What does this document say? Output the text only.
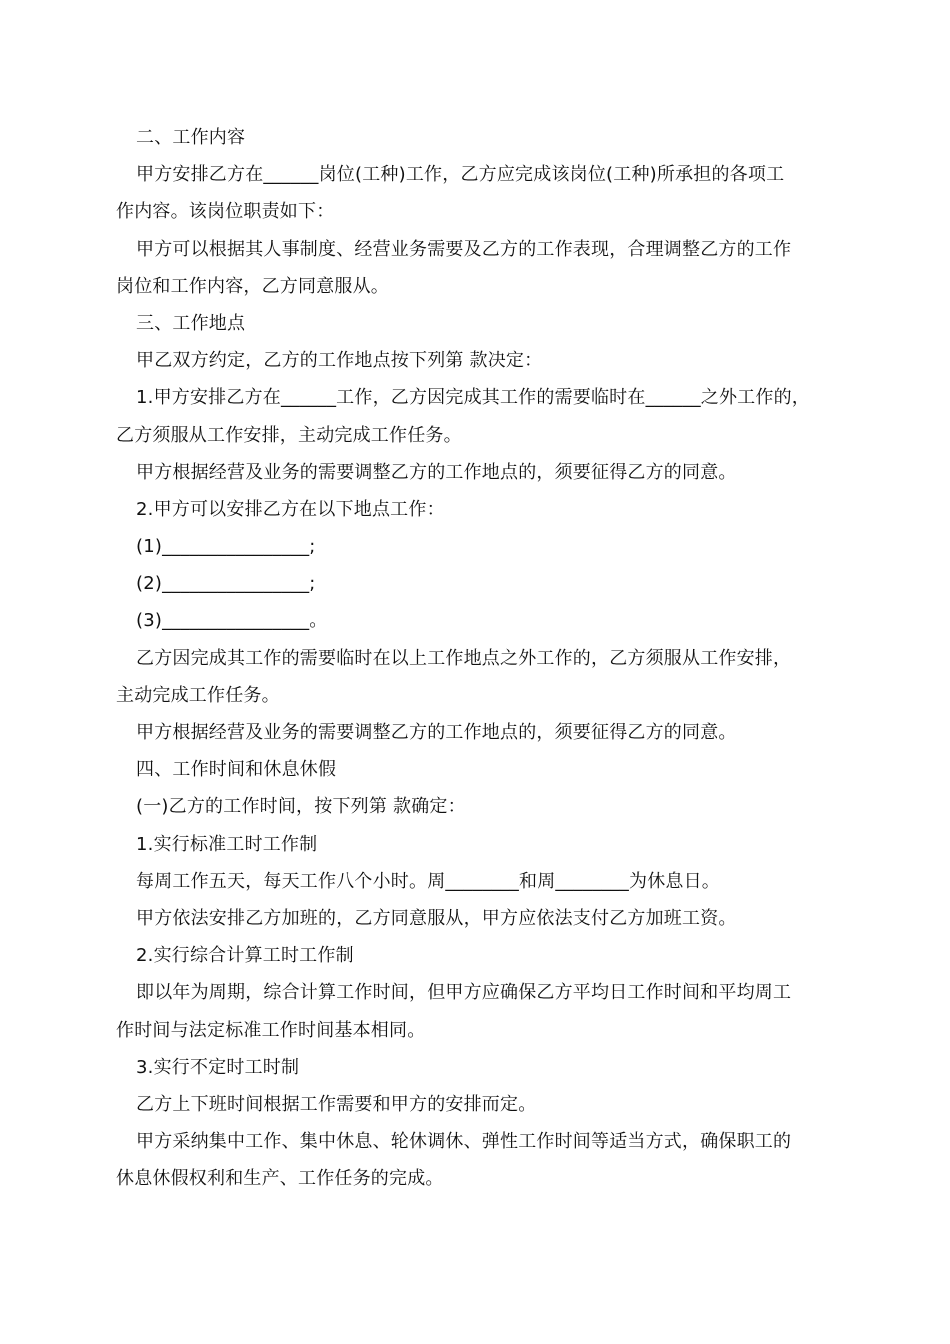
二、工作内容
甲方安排乙方在______岗位(工种)工作，乙方应完成该岗位(工种)所承担的各项工
作内容。该岗位职责如下：
甲方可以根据其人事制度、经营业务需要及乙方的工作表现，合理调整乙方的工作
岗位和工作内容，乙方同意服从。
三、工作地点
甲乙双方约定，乙方的工作地点按下列第 款决定：
1.甲方安排乙方在______工作，乙方因完成其工作的需要临时在______之外工作的，
乙方须服从工作安排，主动完成工作任务。
甲方根据经营及业务的需要调整乙方的工作地点的，须要征得乙方的同意。
2.甲方可以安排乙方在以下地点工作：
(1)________________;
(2)________________;
(3)________________。
乙方因完成其工作的需要临时在以上工作地点之外工作的，乙方须服从工作安排，
主动完成工作任务。
甲方根据经营及业务的需要调整乙方的工作地点的，须要征得乙方的同意。
四、工作时间和休息休假
(一)乙方的工作时间，按下列第 款确定：
1.实行标准工时工作制
每周工作五天，每天工作八个小时。周________和周________为休息日。
甲方依法安排乙方加班的，乙方同意服从，甲方应依法支付乙方加班工资。
2.实行综合计算工时工作制
即以年为周期，综合计算工作时间，但甲方应确保乙方平均日工作时间和平均周工
作时间与法定标准工作时间基本相同。
3.实行不定时工时制
乙方上下班时间根据工作需要和甲方的安排而定。
甲方采纳集中工作、集中休息、轮休调休、弹性工作时间等适当方式，确保职工的
休息休假权利和生产、工作任务的完成。
